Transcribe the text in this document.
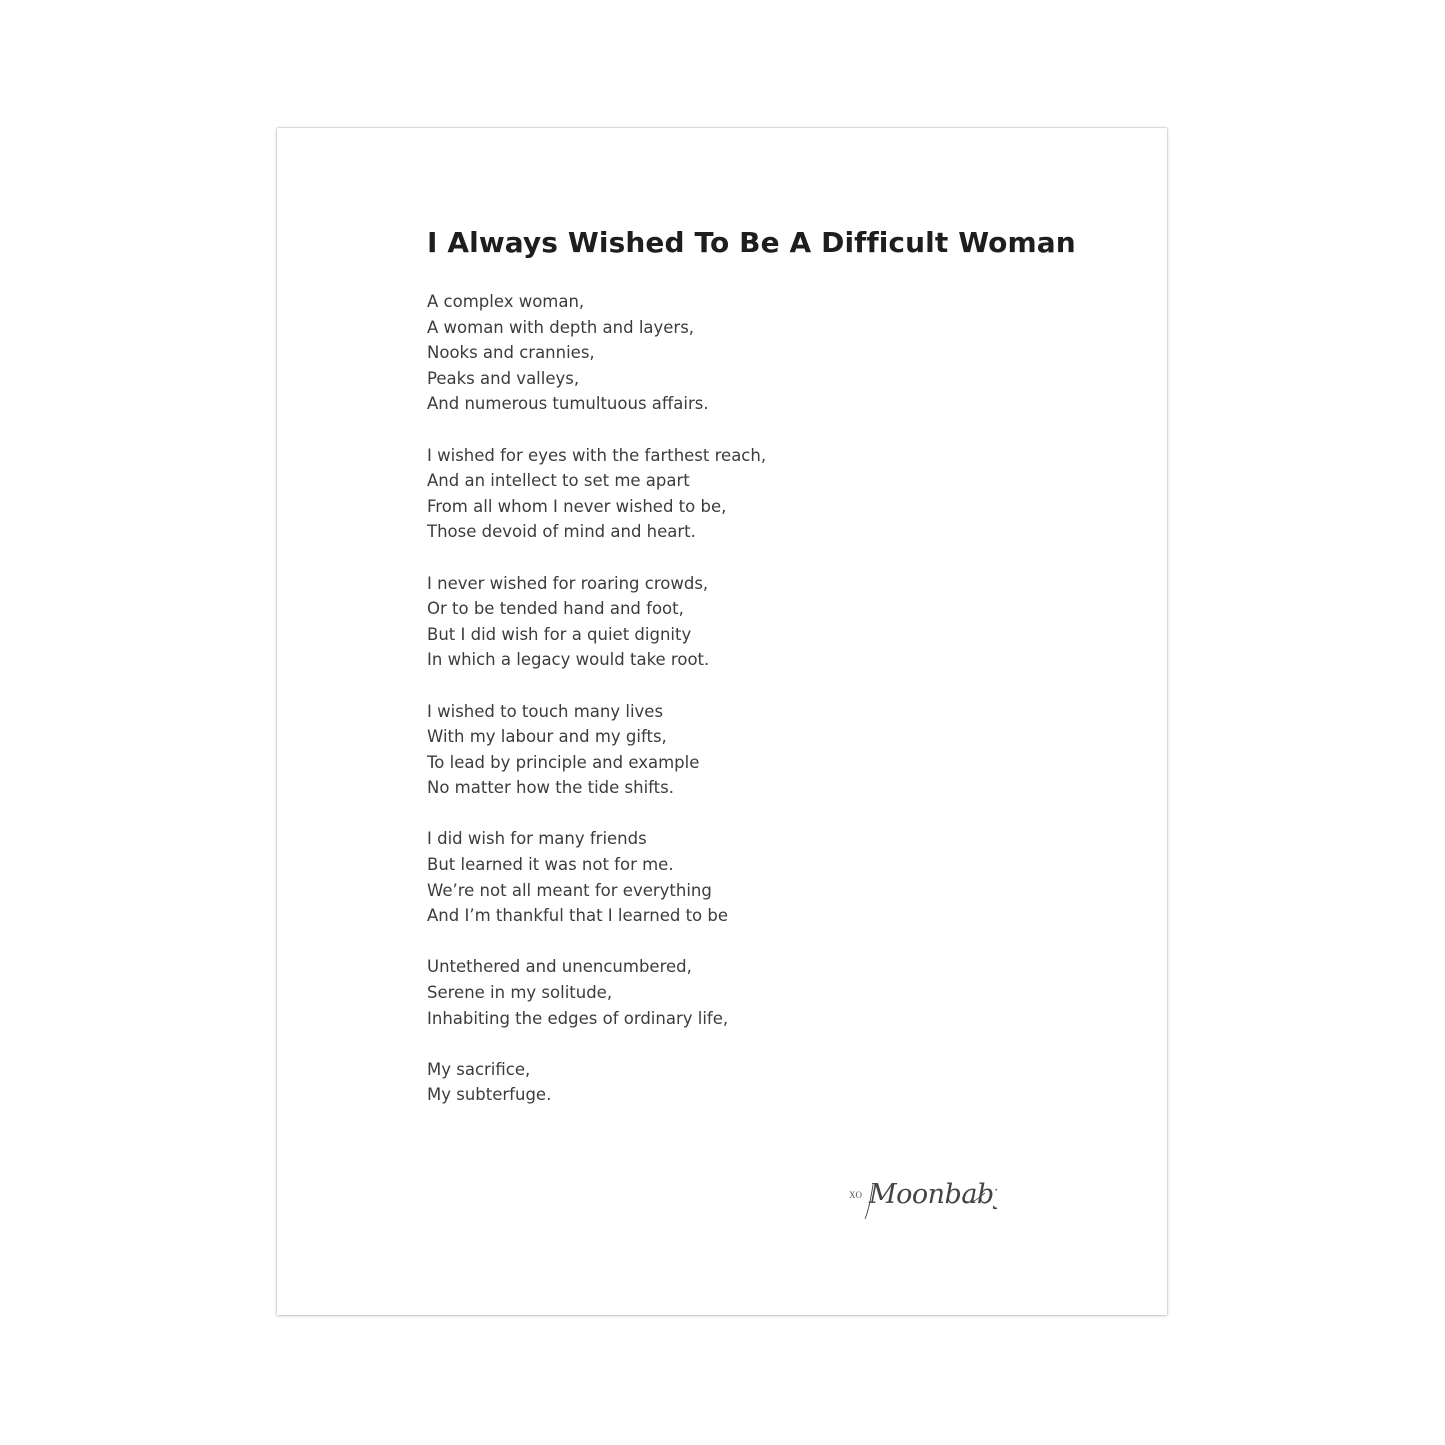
I Always Wished To Be A Difficult Woman
A complex woman,
A woman with depth and layers,
Nooks and crannies,
Peaks and valleys,
And numerous tumultuous affairs.
I wished for eyes with the farthest reach,
And an intellect to set me apart
From all whom I never wished to be,
Those devoid of mind and heart.
I never wished for roaring crowds,
Or to be tended hand and foot,
But I did wish for a quiet dignity
In which a legacy would take root.
I wished to touch many lives
With my labour and my gifts,
To lead by principle and example
No matter how the tide shifts.
I did wish for many friends
But learned it was not for me.
We’re not all meant for everything
And I’m thankful that I learned to be
Untethered and unencumbered,
Serene in my solitude,
Inhabiting the edges of ordinary life,
My sacrifice,
My subterfuge.
XO Moonbaby
